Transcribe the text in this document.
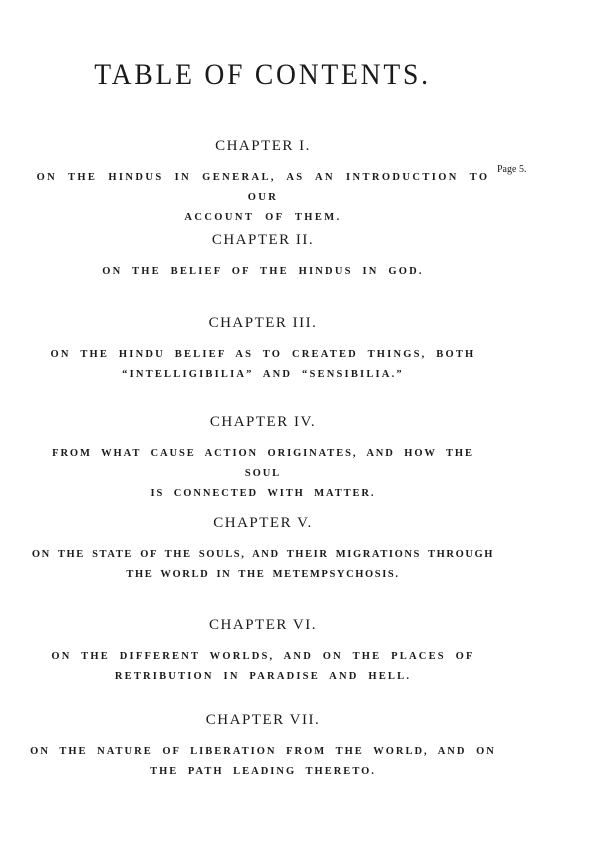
TABLE OF CONTENTS.
CHAPTER I.

ON THE HINDUS IN GENERAL, AS AN INTRODUCTION TO OUR
ACCOUNT OF THEM.

Page 5.
CHAPTER II.

ON THE BELIEF OF THE HINDUS IN GOD.

CHAPTER III.

ON THE HINDU BELIEF AS TO CREATED THINGS, BOTH
“INTELLIGIBILIA” AND “SENSIBILIA.”

CHAPTER IV.

FROM WHAT CAUSE ACTION ORIGINATES, AND HOW THE SOUL
IS CONNECTED WITH MATTER.

CHAPTER V.

ON THE STATE OF THE SOULS, AND THEIR MIGRATIONS THROUGH
THE WORLD IN THE METEMPSYCHOSIS.

CHAPTER VI.

ON THE DIFFERENT WORLDS, AND ON THE PLACES OF
RETRIBUTION IN PARADISE AND HELL.

CHAPTER VII.

ON THE NATURE OF LIBERATION FROM THE WORLD, AND ON
THE PATH LEADING THERETO.
